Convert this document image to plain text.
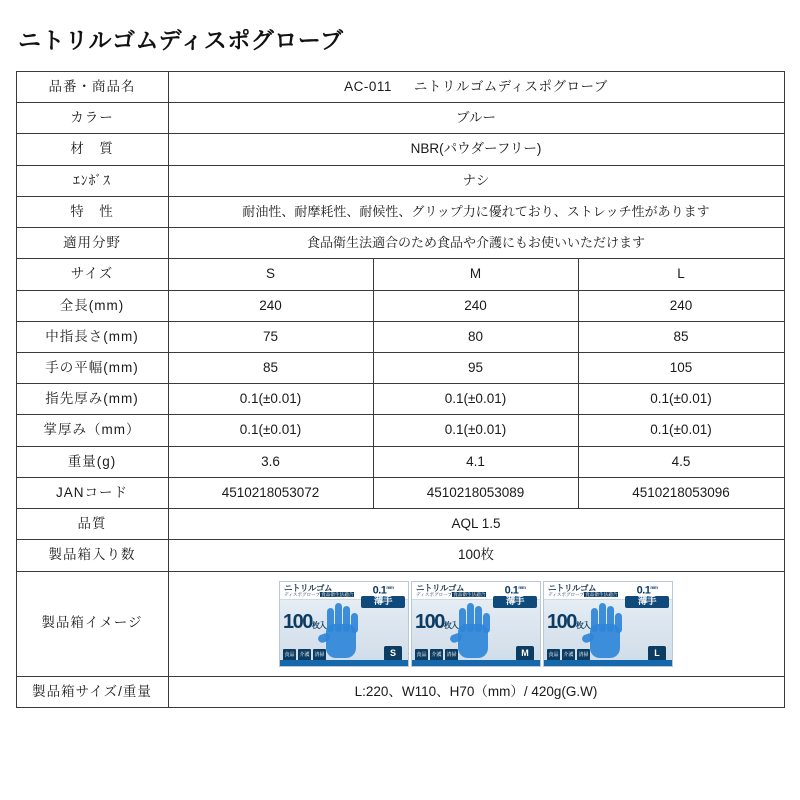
ニトリルゴムディスポグローブ
品番・商品名	AC-011 ニトリルゴムディスポグローブ		
カラー	ブルー		
材　質	NBR(パウダーフリー)		
ｴﾝﾎﾞｽ	ナシ		
特　性	耐油性、耐摩耗性、耐候性、グリップ力に優れており、ストレッチ性があります		
適用分野	食品衛生法適合のため食品や介護にもお使いいただけます		
サイズ	S	M	L
全長(mm)	240	240	240
中指長さ(mm)	75	80	85
手の平幅(mm)	85	95	105
指先厚み(mm)	0.1(±0.01)	0.1(±0.01)	0.1(±0.01)
掌厚み（mm）	0.1(±0.01)	0.1(±0.01)	0.1(±0.01)
重量(g)	3.6	4.1	4.5
JANコード	4510218053072	4510218053089	4510218053096
品質	AQL 1.5		
製品箱入り数	100枚		
製品箱イメージ	
ニトリルゴム
ディスポグローブ食品衛生法適合	$0.1^{mm}$
薄手
100枚入
食品 介護 清掃	S
ニトリルゴム
ディスポグローブ食品衛生法適合	$0.1^{mm}$
薄手
100枚入
食品 介護 清掃	M
ニトリルゴム
ディスポグローブ食品衛生法適合	$0.1^{mm}$
薄手
100枚入
食品 介護 清掃	L

製品箱サイズ/重量	L:220、W110、H70（mm）/ 420g(G.W)		
